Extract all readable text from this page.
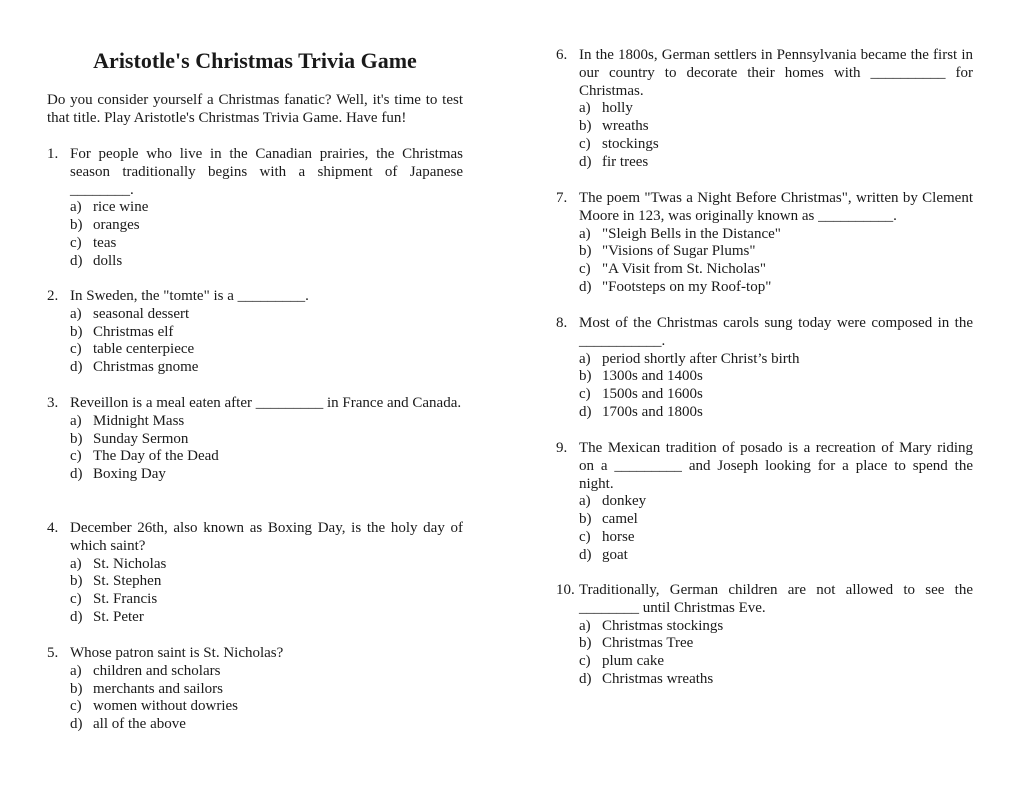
Aristotle's Christmas Trivia Game

Do you consider yourself a Christmas fanatic? Well, it's time to test that title. Play Aristotle's Christmas Trivia Game. Have fun!

1. For people who live in the Canadian prairies, the Christmas season traditionally begins with a shipment of Japanese ________.
a) rice wine
b) oranges
c) teas
d) dolls
2. In Sweden, the "tomte" is a _________.
a) seasonal dessert
b) Christmas elf
c) table centerpiece
d) Christmas gnome
3. Reveillon is a meal eaten after _________ in France and Canada.
a) Midnight Mass
b) Sunday Sermon
c) The Day of the Dead
d) Boxing Day
4. December 26th, also known as Boxing Day, is the holy day of which saint?
a) St. Nicholas
b) St. Stephen
c) St. Francis
d) St. Peter
5. Whose patron saint is St. Nicholas?
a) children and scholars
b) merchants and sailors
c) women without dowries
d) all of the above
6. In the 1800s, German settlers in Pennsylvania became the first in our country to decorate their homes with __________ for Christmas.
a) holly
b) wreaths
c) stockings
d) fir trees
7. The poem "Twas a Night Before Christmas", written by Clement Moore in 123, was originally known as __________.
a) "Sleigh Bells in the Distance"
b) "Visions of Sugar Plums"
c) "A Visit from St. Nicholas"
d) "Footsteps on my Roof-top"
8. Most of the Christmas carols sung today were composed in the ___________.
a) period shortly after Christ’s birth
b) 1300s and 1400s
c) 1500s and 1600s
d) 1700s and 1800s
9. The Mexican tradition of posado is a recreation of Mary riding on a _________ and Joseph looking for a place to spend the night.
a) donkey
b) camel
c) horse
d) goat
10. Traditionally, German children are not allowed to see the ________ until Christmas Eve.
a) Christmas stockings
b) Christmas Tree
c) plum cake
d) Christmas wreaths
